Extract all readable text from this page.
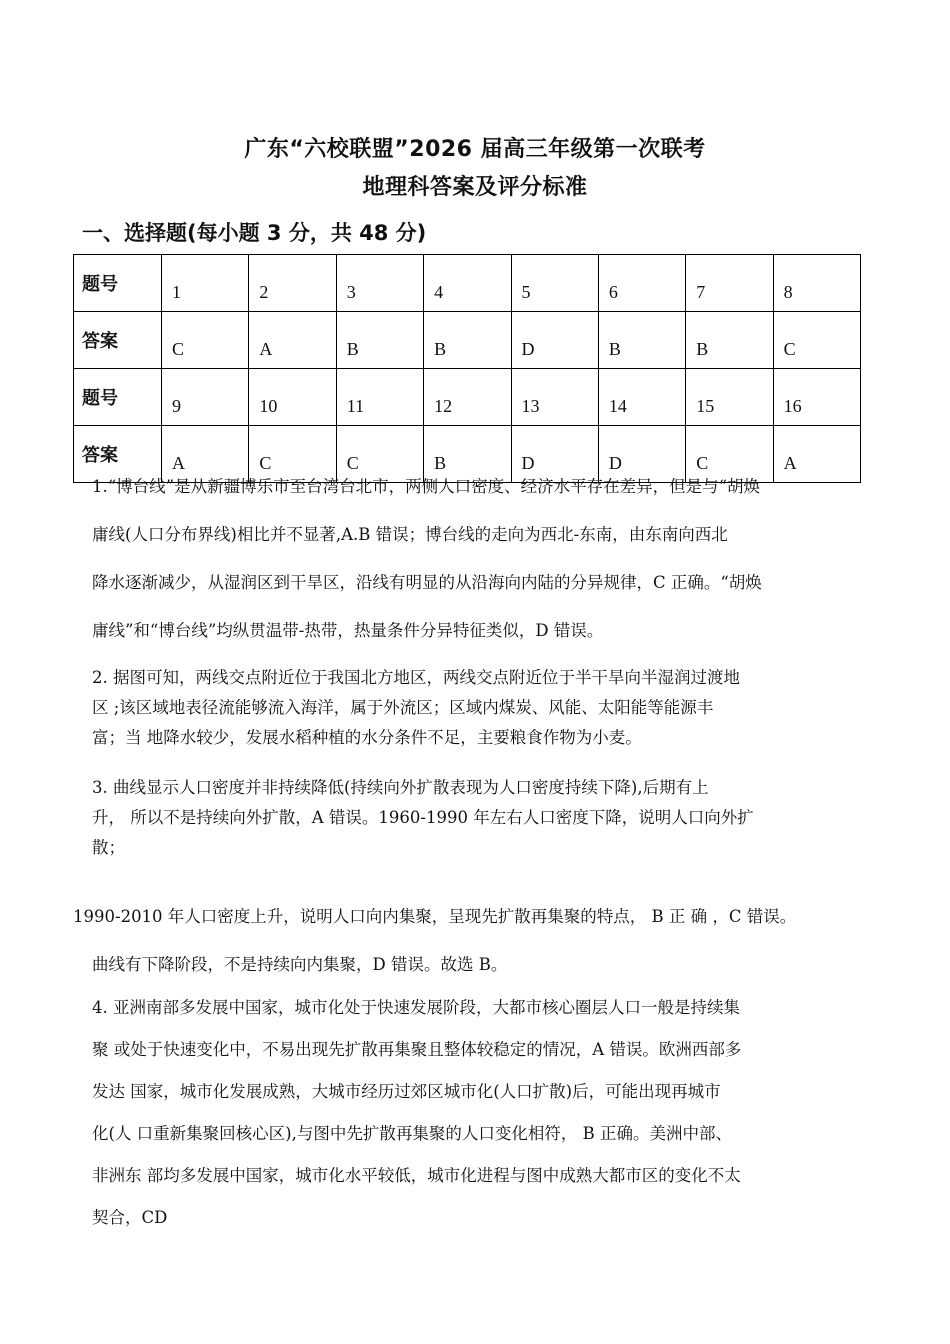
广东“六校联盟”2026 届高三年级第一次联考
地理科答案及评分标准
一、选择题(每小题 3 分，共 48 分)
题号	1	2	3	4	5	6	7	8
答案	C	A	B	B	D	B	B	C
题号	9	10	11	12	13	14	15	16
答案	A	C	C	B	D	D	C	A

1.“博台线”是从新疆博乐市至台湾台北市，两侧人口密度、经济水平存在差异，但是与“胡焕

庸线(人口分布界线)相比并不显著,A.B 错误；博台线的走向为西北-东南，由东南向西北

降水逐渐减少，从湿润区到干旱区，沿线有明显的从沿海向内陆的分异规律，C 正确。“胡焕

庸线”和“博台线”均纵贯温带-热带，热量条件分异特征类似，D 错误。

2. 据图可知，两线交点附近位于我国北方地区，两线交点附近位于半干旱向半湿润过渡地

区 ;该区域地表径流能够流入海洋，属于外流区；区域内煤炭、风能、太阳能等能源丰

富；当 地降水较少，发展水稻种植的水分条件不足，主要粮食作物为小麦。

3. 曲线显示人口密度并非持续降低(持续向外扩散表现为人口密度持续下降),后期有上

升， 所以不是持续向外扩散，A 错误。1960-1990 年左右人口密度下降，说明人口向外扩

散；

1990-2010 年人口密度上升，说明人口向内集聚，呈现先扩散再集聚的特点， B 正 确 ，C 错误。
曲线有下降阶段，不是持续向内集聚，D 错误。故选 B。

4. 亚洲南部多发展中国家，城市化处于快速发展阶段，大都市核心圈层人口一般是持续集

聚 或处于快速变化中，不易出现先扩散再集聚且整体较稳定的情况，A 错误。欧洲西部多

发达 国家，城市化发展成熟，大城市经历过郊区城市化(人口扩散)后，可能出现再城市

化(人 口重新集聚回核心区),与图中先扩散再集聚的人口变化相符， B 正确。美洲中部、

非洲东 部均多发展中国家，城市化水平较低，城市化进程与图中成熟大都市区的变化不太

契合，CD
